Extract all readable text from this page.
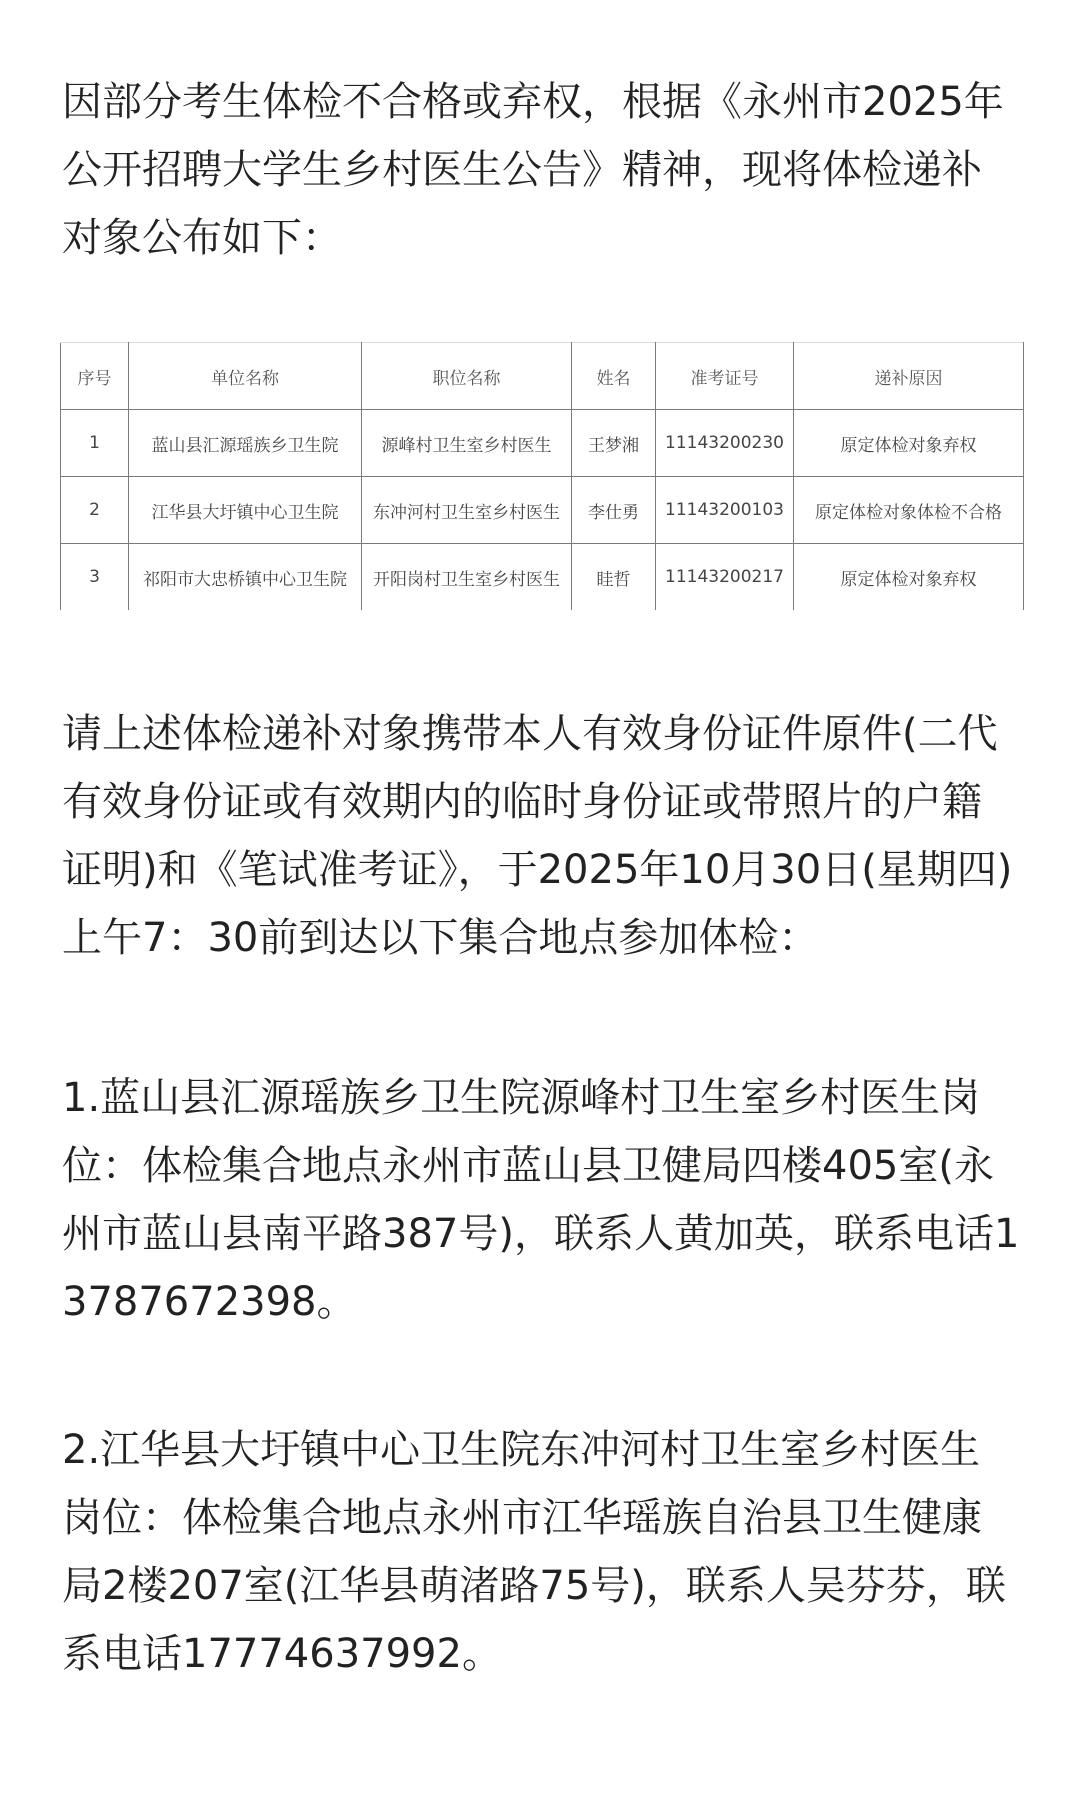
因部分考生体检不合格或弃权，根据《永州市2025年
公开招聘大学生乡村医生公告》精神，现将体检递补
对象公布如下：

序号	单位名称	职位名称	姓名	准考证号	递补原因
1	蓝山县汇源瑶族乡卫生院	源峰村卫生室乡村医生	王梦湘	11143200230	原定体检对象弃权
2	江华县大圩镇中心卫生院	东冲河村卫生室乡村医生	李仕勇	11143200103	原定体检对象体检不合格
3	祁阳市大忠桥镇中心卫生院	开阳岗村卫生室乡村医生	眭哲	11143200217	原定体检对象弃权

请上述体检递补对象携带本人有效身份证件原件(二代
有效身份证或有效期内的临时身份证或带照片的户籍
证明)和《笔试准考证》，于2025年10月30日(星期四)
上午7：30前到达以下集合地点参加体检：

1.蓝山县汇源瑶族乡卫生院源峰村卫生室乡村医生岗
位：体检集合地点永州市蓝山县卫健局四楼405室(永
州市蓝山县南平路387号)，联系人黄加英，联系电话1
3787672398。

2.江华县大圩镇中心卫生院东冲河村卫生室乡村医生
岗位：体检集合地点永州市江华瑶族自治县卫生健康
局2楼207室(江华县萌渚路75号)，联系人吴芬芬，联
系电话17774637992。
